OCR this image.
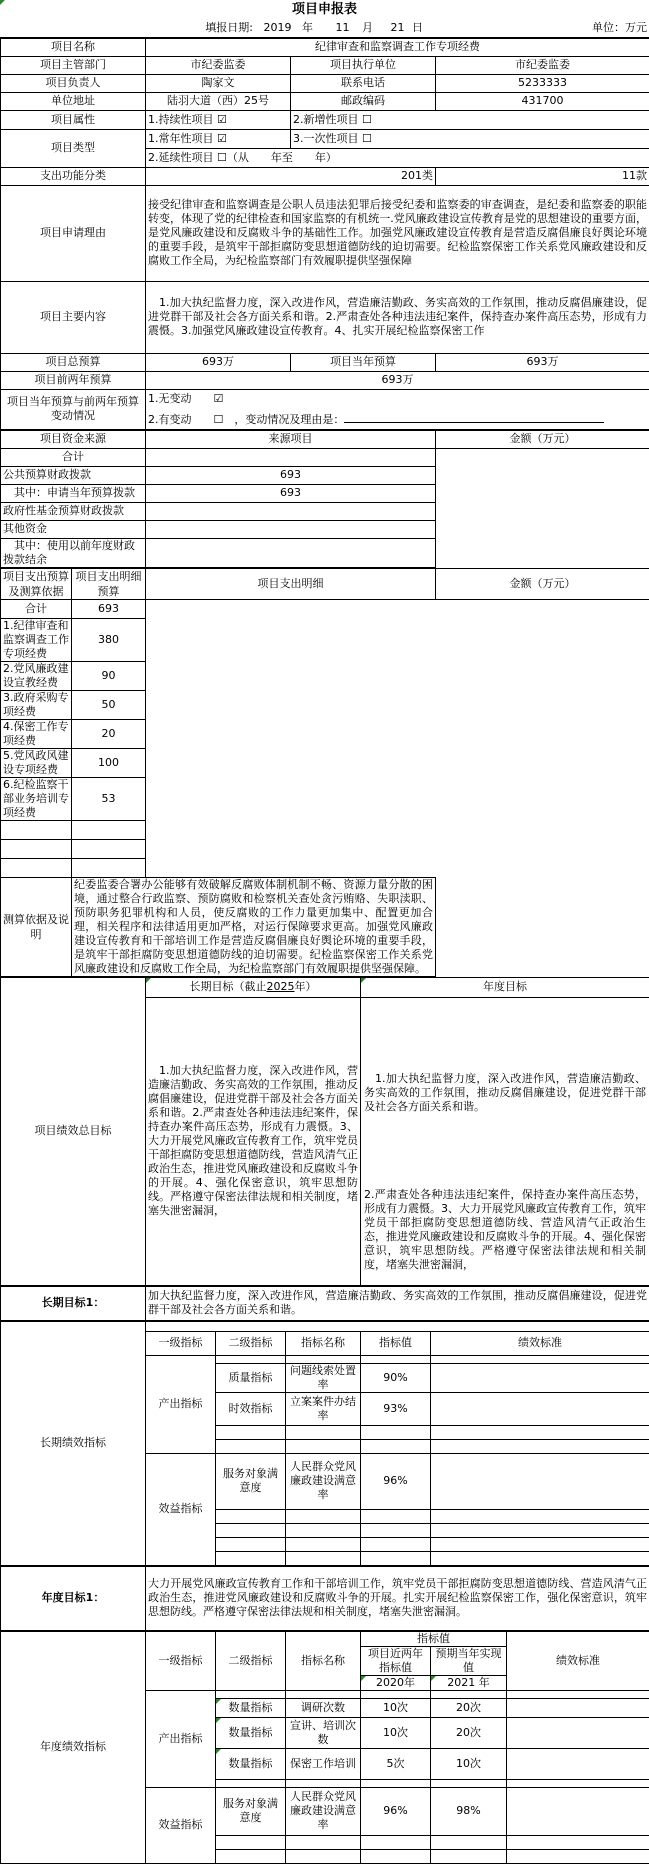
项目申报表
填报日期:	2019	年	11	月	21	日	单位：万元
项目名称	纪律审查和监察调查工作专项经费		
项目主管部门	市纪委监委	项目执行单位	市纪委监委
项目负责人	陶家文	联系电话	5233333
单位地址	陆羽大道（西）25号	邮政编码	431700
项目属性	1.持续性项目 ☑	2.新增性项目 ☐	
项目类型	1.常年性项目 ☑	3.一次性项目 ☐	
	2.延续性项目 ☐（从　　年至　　年）		
支出功能分类	201类		11款
项目申请理由	接受纪律审查和监察调查是公职人员违法犯罪后接受纪委和监察委的审查调查，是纪委和监察委的职能转变，体现了党的纪律检查和国家监察的有机统一.党风廉政建设宣传教育是党的思想建设的重要方面，是党风廉政建设和反腐败斗争的基础性工作。加强党风廉政建设宣传教育是营造反腐倡廉良好舆论环境的重要手段，是筑牢干部拒腐防变思想道德防线的迫切需要。纪检监察保密工作关系党风廉政建设和反腐败工作全局，为纪检监察部门有效履职提供坚强保障		
项目主要内容	1.加大执纪监督力度，深入改进作风，营造廉洁勤政、务实高效的工作氛围，推动反腐倡廉建设，促进党群干部及社会各方面关系和谐。2.严肃查处各种违法违纪案件，保持查办案件高压态势，形成有力震慑。3.加强党风廉政建设宣传教育。4、扎实开展纪检监察保密工作		
项目总预算	693万	项目当年预算	693万
项目前两年预算	693万		
项目当年预算与前两年预算变动情况	1.无变动　　☑		
	2.有变动　　☐　，变动情况及理由是：		
项目资金来源	来源项目	金额（万元）
合计		
公共预算财政拨款	693	
　其中：申请当年预算拨款	693	
政府性基金预算财政拨款		
其他资金		
　其中：使用以前年度财政拨款结余		
项目支出预算及测算依据	项目支出明细预算	项目支出明细	金额（万元）
合计	693		
1.纪律审查和监察调查工作专项经费	380		
2.党风廉政建设宣教经费	90		
3.政府采购专项经费	50		
4.保密工作专项经费	20		
5.党风政风建设专项经费	100		
6.纪检监察干部业务培训专项经费	53		

测算依据及说明	纪委监委合署办公能够有效破解反腐败体制机制不畅、资源力量分散的困境，通过整合行政监察、预防腐败和检察机关查处贪污贿赂、失职渎职、预防职务犯罪机构和人员，使反腐败的工作力量更加集中、配置更加合理，相关程序和法律适用更加严格，对运行保障要求更高。加强党风廉政建设宣传教育和干部培训工作是营造反腐倡廉良好舆论环境的重要手段，是筑牢干部拒腐防变思想道德防线的迫切需要。纪检监察保密工作关系党风廉政建设和反腐败工作全局，为纪检监察部门有效履职提供坚强保障。		
项目绩效总目标	长期目标（截止2025年）	年度目标
	1.加大执纪监督力度，深入改进作风，营造廉洁勤政、务实高效的工作氛围，推动反腐倡廉建设，促进党群干部及社会各方面关系和谐。2.严肃查处各种违法违纪案件，保持查办案件高压态势，形成有力震慑。3、大力开展党风廉政宣传教育工作，筑牢党员干部拒腐防变思想道德防线，营造风清气正政治生态，推进党风廉政建设和反腐败斗争的开展。4、强化保密意识，筑牢思想防线。严格遵守保密法律法规和相关制度，堵塞失泄密漏洞，	1.加大执纪监督力度，深入改进作风，营造廉洁勤政、务实高效的工作氛围，推动反腐倡廉建设，促进党群干部及社会各方面关系和谐。
2.严肃查处各种违法违纪案件，保持查办案件高压态势，形成有力震慑。3、大力开展党风廉政宣传教育工作，筑牢党员干部拒腐防变思想道德防线、营造风清气正政治生态，推进党风廉政建设和反腐败斗争的开展。4、强化保密意识，筑牢思想防线。严格遵守保密法律法规和相关制度，堵塞失泄密漏洞，
长期目标1：	加大执纪监督力度，深入改进作风，营造廉洁勤政、务实高效的工作氛围，推动反腐倡廉建设，促进党群干部及社会各方面关系和谐。
长期绩效指标					
	一级指标	二级指标	指标名称	指标值	绩效标准
	产出指标				
		质量指标	问题线索处置率	90%	
		时效指标	立案案件办结率	93%	

	效益指标	服务对象满意度	人民群众党风廉政建设满意率	96%	

年度目标1：	大力开展党风廉政宣传教育工作和干部培训工作，筑牢党员干部拒腐防变思想道德防线、营造风清气正政治生态，推进党风廉政建设和反腐败斗争的开展。扎实开展纪检监察保密工作，强化保密意识，筑牢思想防线。严格遵守保密法律法规和相关制度，堵塞失泄密漏洞。
年度绩效指标	一级指标	二级指标	指标名称	指标值		绩效标准
				项目近两年指标值	预期当年实现值	
				2020年	2021 年	
	产出指标					
		数量指标	调研次数	10次	20次	
		数量指标	宣讲、培训次数	10次	20次	
		数量指标	保密工作培训	5次	10次	

	效益指标	服务对象满意度	人民群众党风廉政建设满意率	96%	98%	
